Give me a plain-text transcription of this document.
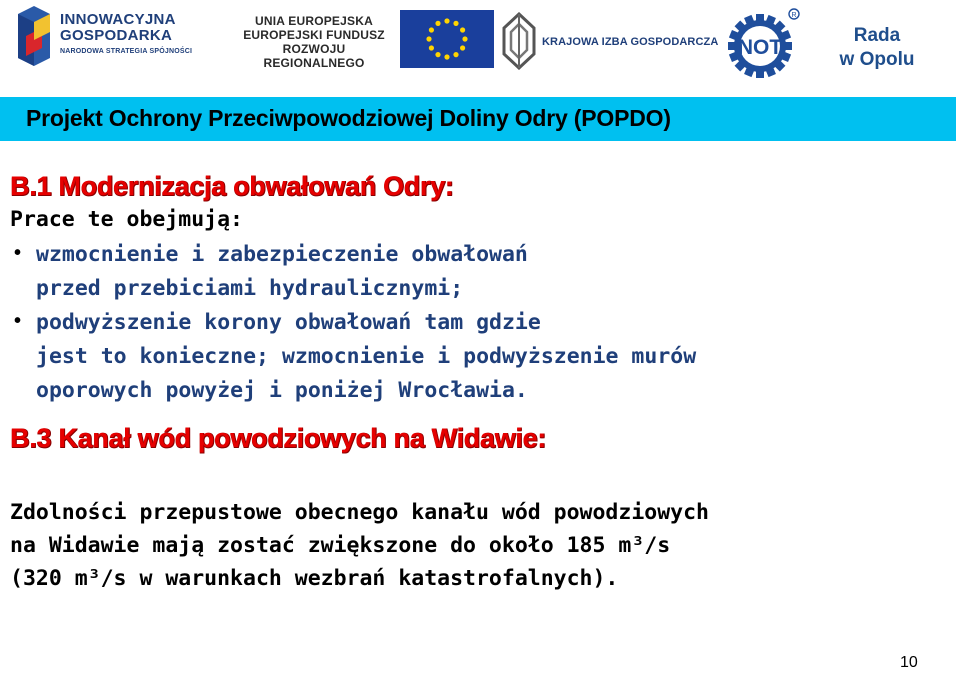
INNOWACYJNA
GOSPODARKA
NARODOWA STRATEGIA SPÓJNOŚCI
UNIA EUROPEJSKA
EUROPEJSKI FUNDUSZ
ROZWOJU REGIONALNEGO
KRAJOWA IZBA GOSPODARCZA NOT
R
Rada
w Opolu
Projekt Ochrony Przeciwpowodziowej Doliny Odry (POPDO)
B.1 Modernizacja obwałowań Odry:
Prace te obejmują:
• wzmocnienie i zabezpieczenie obwałowań
przed przebiciami hydraulicznymi;
• podwyższenie korony obwałowań tam gdzie
jest to konieczne; wzmocnienie i podwyższenie murów
oporowych powyżej i poniżej Wrocławia.
B.3 Kanał wód powodziowych na Widawie:
Zdolności przepustowe obecnego kanału wód powodziowych
na Widawie mają zostać zwiększone do około 185 m³/s
(320 m³/s w warunkach wezbrań katastrofalnych).
10
